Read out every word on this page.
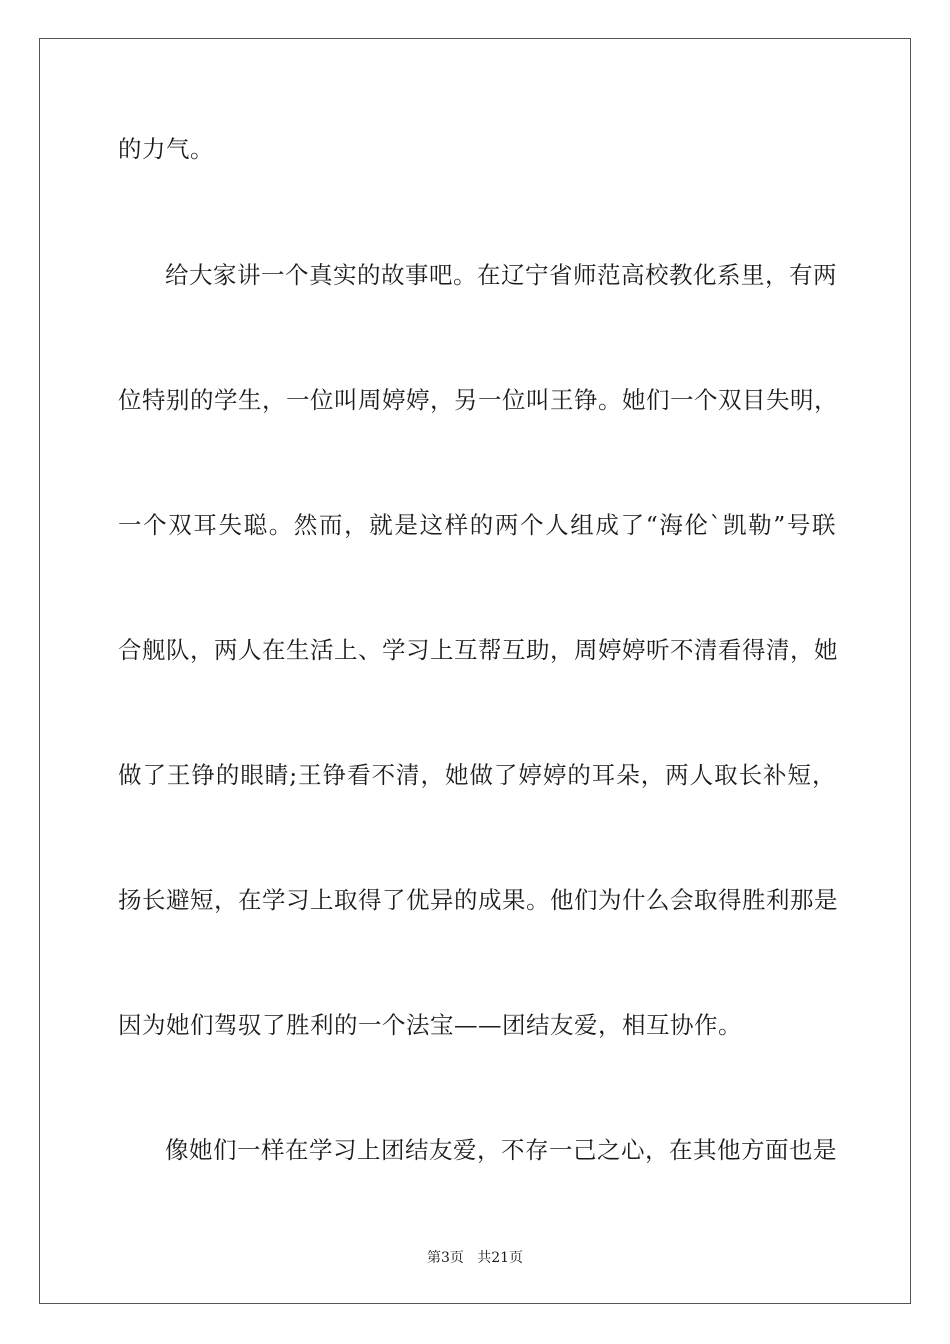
的力气。
给大家讲一个真实的故事吧。在辽宁省师范高校教化系里，有两
位特别的学生，一位叫周婷婷，另一位叫王铮。她们一个双目失明，
一个双耳失聪。然而，就是这样的两个人组成了“海伦`凯勒”号联
合舰队，两人在生活上、学习上互帮互助，周婷婷听不清看得清，她
做了王铮的眼睛;王铮看不清，她做了婷婷的耳朵，两人取长补短，
扬长避短，在学习上取得了优异的成果。他们为什么会取得胜利那是
因为她们驾驭了胜利的一个法宝——团结友爱，相互协作。
像她们一样在学习上团结友爱，不存一己之心，在其他方面也是
第3页   共21页
